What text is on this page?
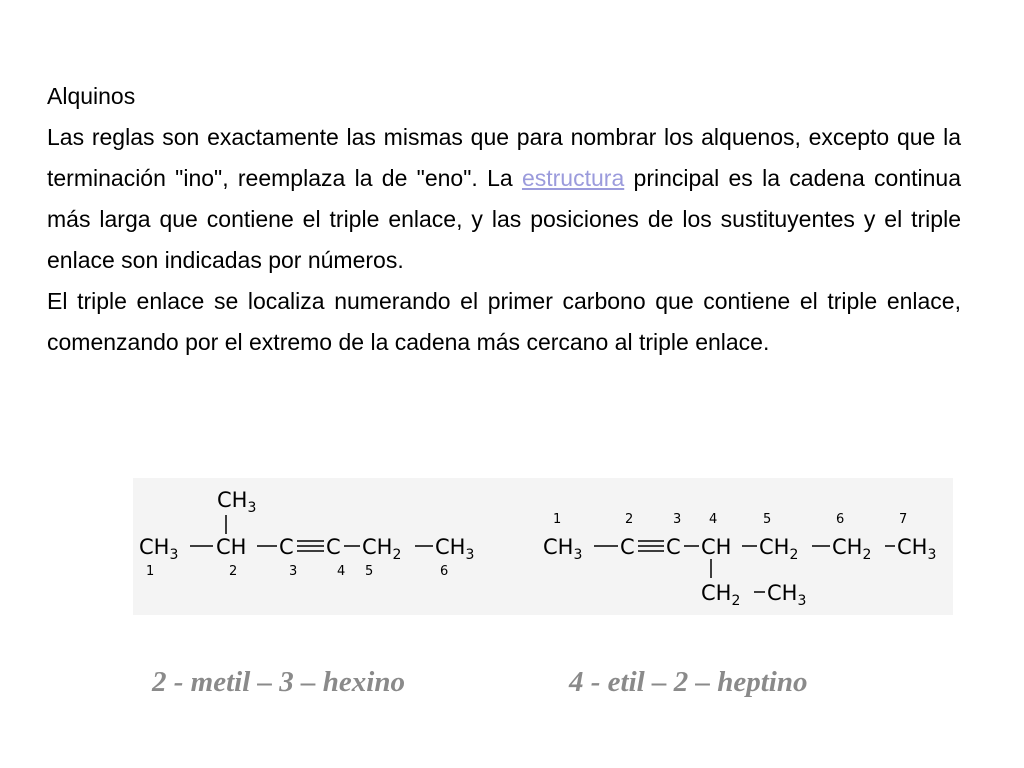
Alquinos

Las reglas son exactamente las mismas que para nombrar los alquenos, excepto que la terminación "ino", reemplaza la de "eno". La estructura principal es la cadena continua más larga que contiene el triple enlace, y las posiciones de los sustituyentes y el triple enlace son indicadas por números.

El triple enlace se localiza numerando el primer carbono que contiene el triple enlace, comenzando por el extremo de la cadena más cercano al triple enlace.

$CH_3$
$CH_3$ CH C C $CH_2$ $CH_3$
1	2	3	4 5	6
1	2	3 4	5	6	7
$CH_3$ C C CH $CH_2$ $CH_2$ $CH_3$
$CH_2$ $CH_3$
2 - metil – 3 – hexino	4 - etil – 2 – heptino
